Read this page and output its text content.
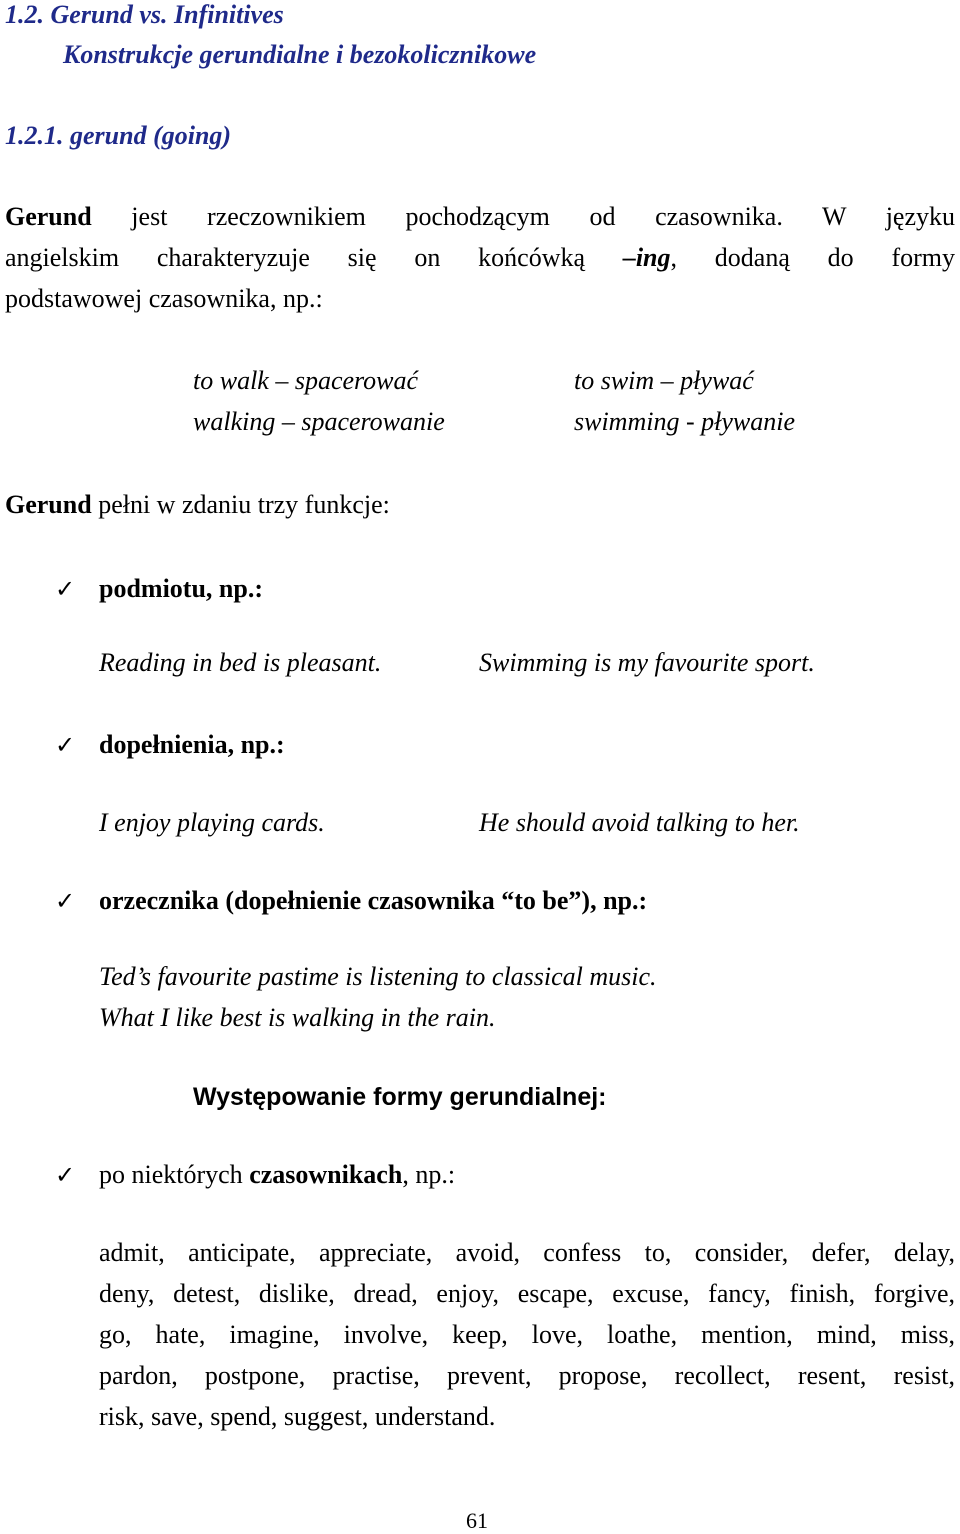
1.2. Gerund vs. Infinitives
Konstrukcje gerundialne i bezokolicznikowe
1.2.1. gerund (going)
Gerund jest rzeczownikiem pochodzącym od czasownika. W języku
angielskim charakteryzuje się on końcówką –ing, dodaną do formy
podstawowej czasownika, np.:
to walk – spacerować
walking – spacerowanie
to swim – pływać
swimming - pływanie
Gerund pełni w zdaniu trzy funkcje:
✓ podmiotu, np.:
Reading in bed is pleasant.	Swimming is my favourite sport.
✓ dopełnienia, np.:
I enjoy playing cards.	He should avoid talking to her.
✓ orzecznika (dopełnienie czasownika “to be”), np.:
Ted’s favourite pastime is listening to classical music.
What I like best is walking in the rain.
Występowanie formy gerundialnej:
✓ po niektórych czasownikach, np.:
admit, anticipate, appreciate, avoid, confess to, consider, defer, delay,
deny, detest, dislike, dread, enjoy, escape, excuse, fancy, finish, forgive,
go, hate, imagine, involve, keep, love, loathe, mention, mind, miss,
pardon, postpone, practise, prevent, propose, recollect, resent, resist,
risk, save, spend, suggest, understand.
61
